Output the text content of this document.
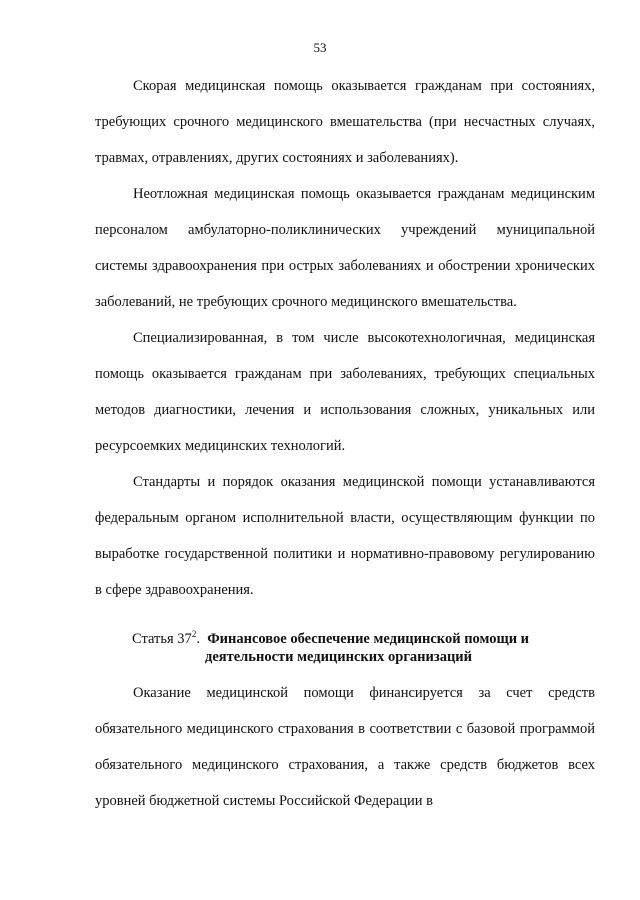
53

Скорая медицинская помощь оказывается гражданам при состояниях, требующих срочного медицинского вмешательства (при несчастных случаях, травмах, отравлениях, других состояниях и заболеваниях).

Неотложная медицинская помощь оказывается гражданам медицинским персоналом амбулаторно-поликлинических учреждений муниципальной системы здравоохранения при острых заболеваниях и обострении хронических заболеваний, не требующих срочного медицинского вмешательства.

Специализированная, в том числе высокотехнологичная, медицинская помощь оказывается гражданам при заболеваниях, требующих специальных методов диагностики, лечения и использования сложных, уникальных или ресурсоемких медицинских технологий.

Стандарты и порядок оказания медицинской помощи устанавливаются федеральным органом исполнительной власти, осуществляющим функции по выработке государственной политики и нормативно-правовому регулированию в сфере здравоохранения.

Статья $37^2$. Финансовое обеспечение медицинской помощи и
деятельности медицинских организаций

Оказание медицинской помощи финансируется за счет средств обязательного медицинского страхования в соответствии с базовой программой обязательного медицинского страхования, а также средств бюджетов всех уровней бюджетной системы Российской Федерации в
